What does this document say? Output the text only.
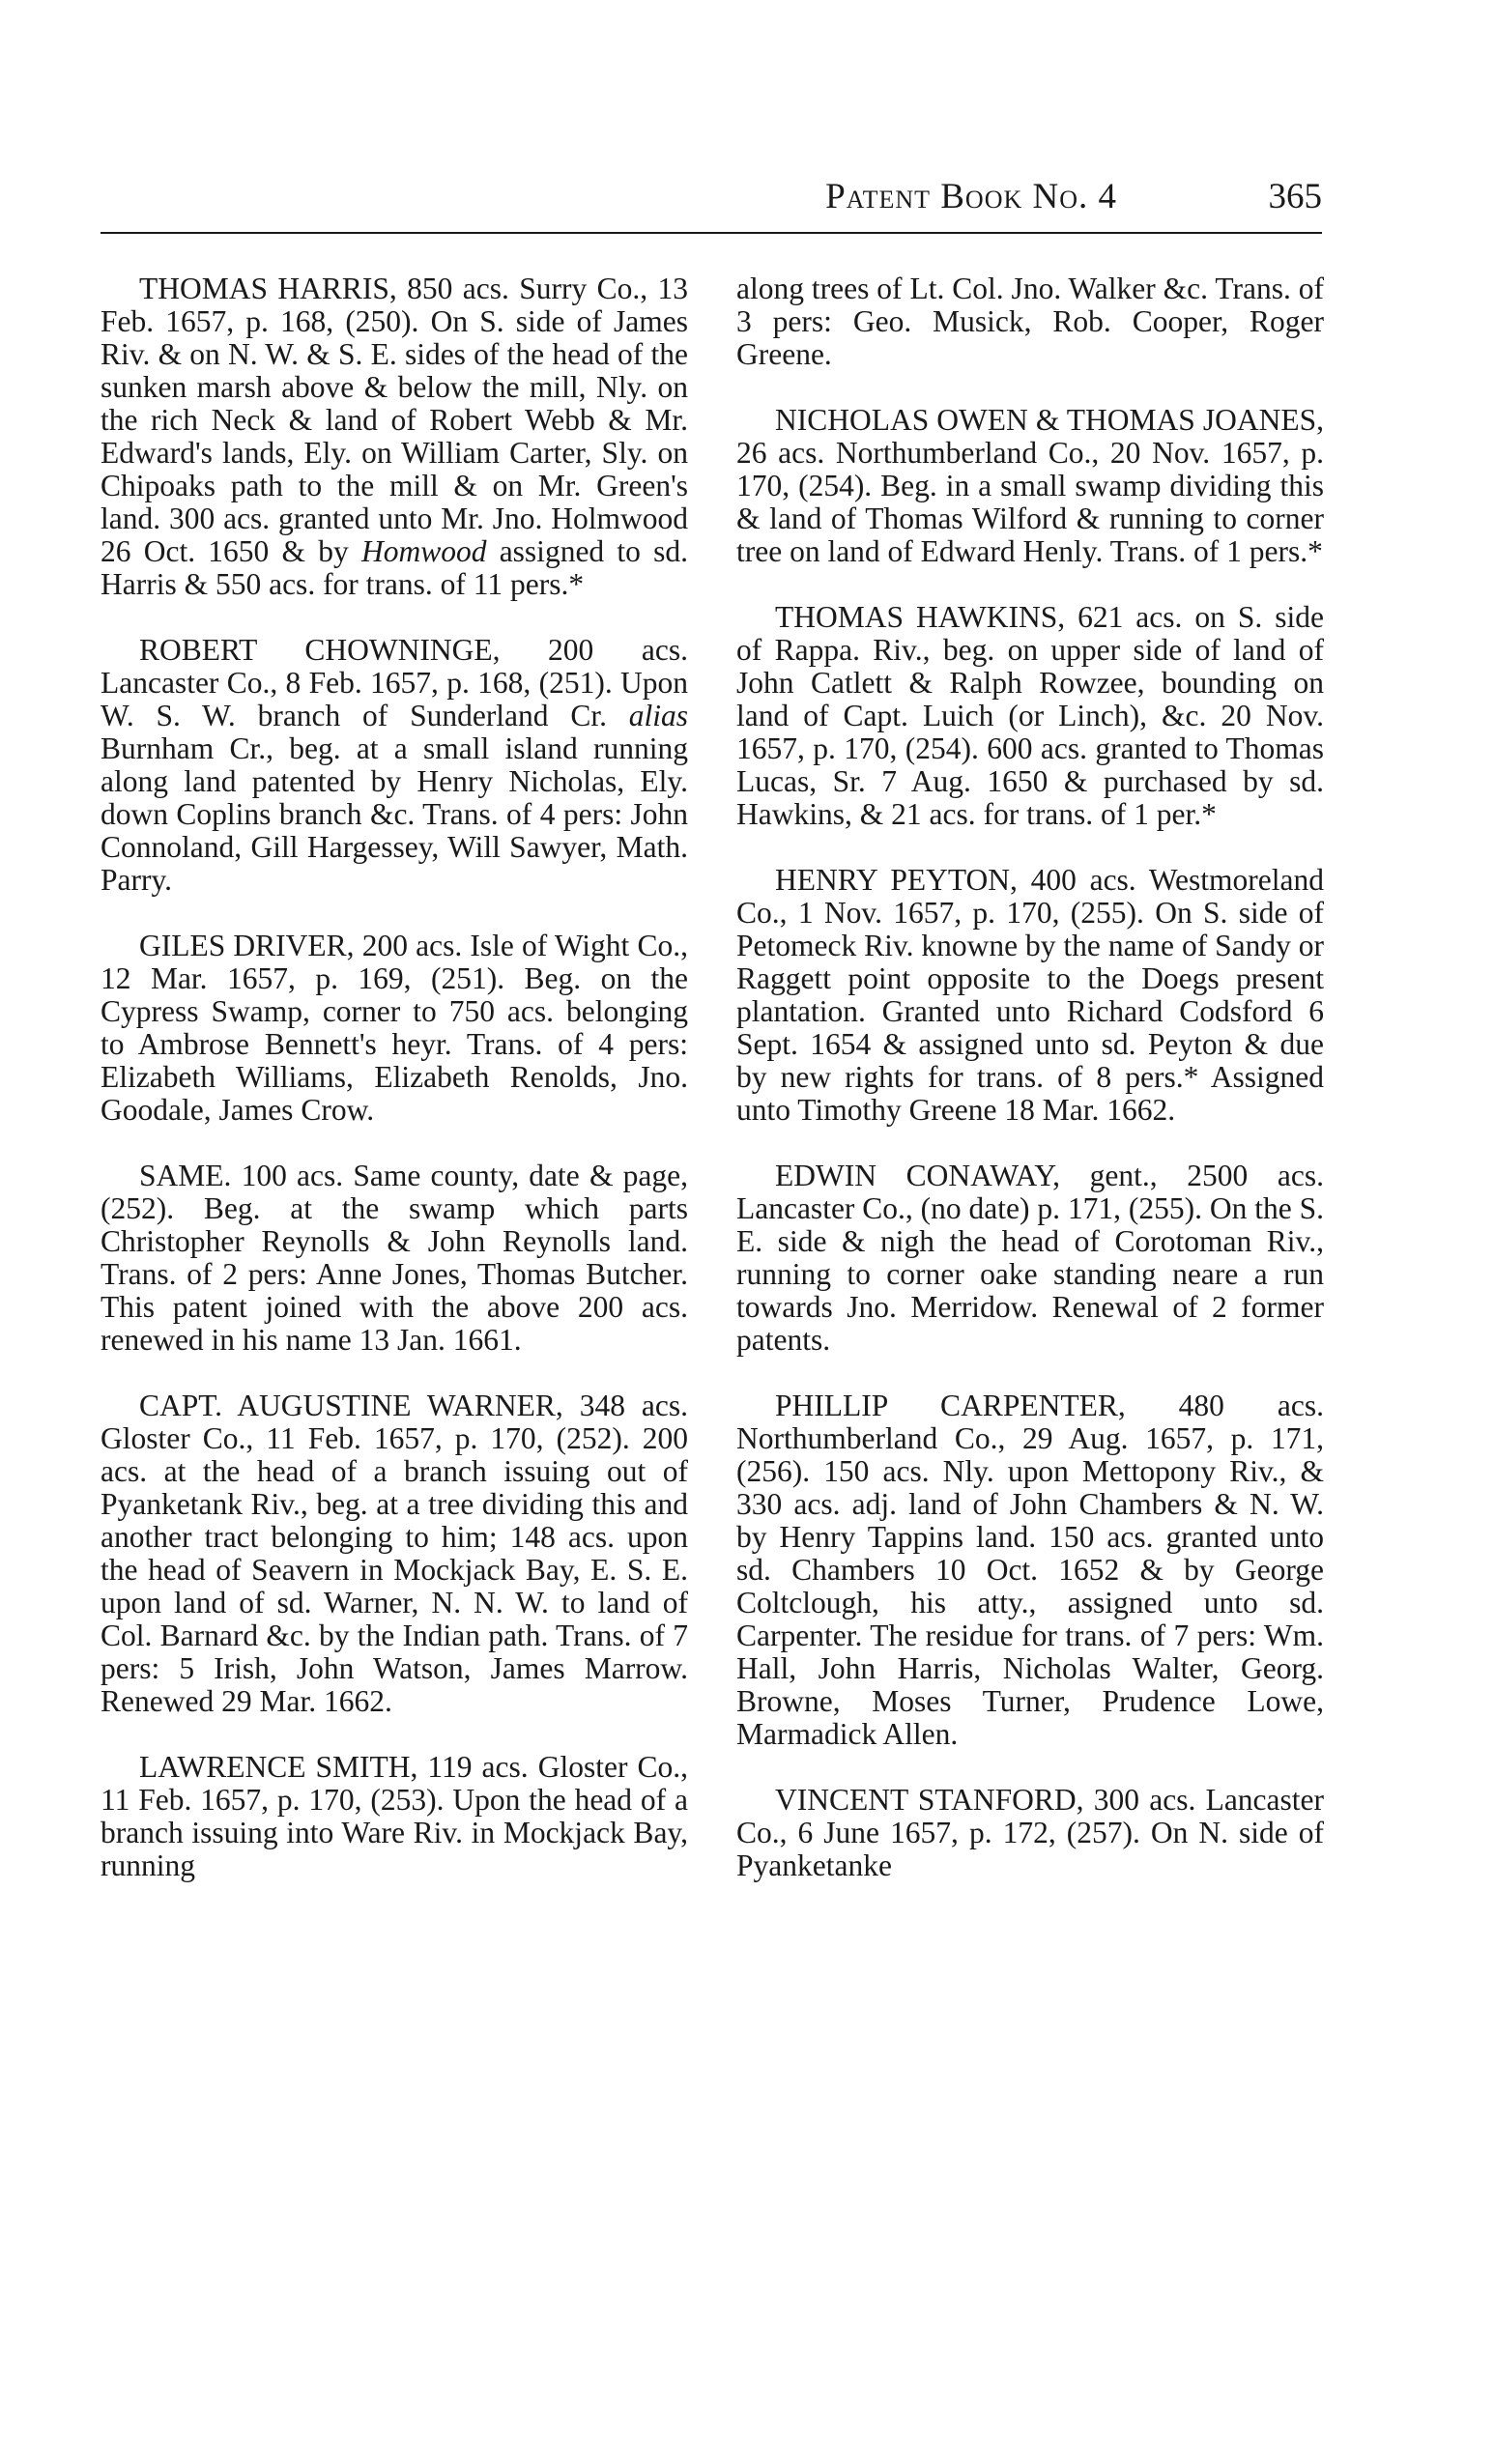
Patent Book No. 4	365

THOMAS HARRIS, 850 acs. Surry Co., 13 Feb. 1657, p. 168, (250). On S. side of James Riv. & on N. W. & S. E. sides of the head of the sunken marsh above & below the mill, Nly. on the rich Neck & land of Robert Webb & Mr. Edward's lands, Ely. on William Carter, Sly. on Chipoaks path to the mill & on Mr. Green's land. 300 acs. granted unto Mr. Jno. Holmwood 26 Oct. 1650 & by Homwood assigned to sd. Harris & 550 acs. for trans. of 11 pers.*

ROBERT CHOWNINGE, 200 acs. Lancaster Co., 8 Feb. 1657, p. 168, (251). Upon W. S. W. branch of Sunderland Cr. alias Burnham Cr., beg. at a small island running along land patented by Henry Nicholas, Ely. down Coplins branch &c. Trans. of 4 pers: John Connoland, Gill Hargessey, Will Sawyer, Math. Parry.

GILES DRIVER, 200 acs. Isle of Wight Co., 12 Mar. 1657, p. 169, (251). Beg. on the Cypress Swamp, corner to 750 acs. belonging to Ambrose Bennett's heyr. Trans. of 4 pers: Elizabeth Williams, Elizabeth Renolds, Jno. Goodale, James Crow.

SAME. 100 acs. Same county, date & page, (252). Beg. at the swamp which parts Christopher Reynolls & John Reynolls land. Trans. of 2 pers: Anne Jones, Thomas Butcher. This patent joined with the above 200 acs. renewed in his name 13 Jan. 1661.

CAPT. AUGUSTINE WARNER, 348 acs. Gloster Co., 11 Feb. 1657, p. 170, (252). 200 acs. at the head of a branch issuing out of Pyanketank Riv., beg. at a tree dividing this and another tract belonging to him; 148 acs. upon the head of Seavern in Mockjack Bay, E. S. E. upon land of sd. Warner, N. N. W. to land of Col. Barnard &c. by the Indian path. Trans. of 7 pers: 5 Irish, John Watson, James Marrow. Renewed 29 Mar. 1662.

LAWRENCE SMITH, 119 acs. Gloster Co., 11 Feb. 1657, p. 170, (253). Upon the head of a branch issuing into Ware Riv. in Mockjack Bay, running

along trees of Lt. Col. Jno. Walker &c. Trans. of 3 pers: Geo. Musick, Rob. Cooper, Roger Greene.

NICHOLAS OWEN & THOMAS JOANES, 26 acs. Northumberland Co., 20 Nov. 1657, p. 170, (254). Beg. in a small swamp dividing this & land of Thomas Wilford & running to corner tree on land of Edward Henly. Trans. of 1 pers.*

THOMAS HAWKINS, 621 acs. on S. side of Rappa. Riv., beg. on upper side of land of John Catlett & Ralph Rowzee, bounding on land of Capt. Luich (or Linch), &c. 20 Nov. 1657, p. 170, (254). 600 acs. granted to Thomas Lucas, Sr. 7 Aug. 1650 & purchased by sd. Hawkins, & 21 acs. for trans. of 1 per.*

HENRY PEYTON, 400 acs. Westmoreland Co., 1 Nov. 1657, p. 170, (255). On S. side of Petomeck Riv. knowne by the name of Sandy or Raggett point opposite to the Doegs present plantation. Granted unto Richard Codsford 6 Sept. 1654 & assigned unto sd. Peyton & due by new rights for trans. of 8 pers.* Assigned unto Timothy Greene 18 Mar. 1662.

EDWIN CONAWAY, gent., 2500 acs. Lancaster Co., (no date) p. 171, (255). On the S. E. side & nigh the head of Corotoman Riv., running to corner oake standing neare a run towards Jno. Merridow. Renewal of 2 former patents.

PHILLIP CARPENTER, 480 acs. Northumberland Co., 29 Aug. 1657, p. 171, (256). 150 acs. Nly. upon Mettopony Riv., & 330 acs. adj. land of John Chambers & N. W. by Henry Tappins land. 150 acs. granted unto sd. Chambers 10 Oct. 1652 & by George Coltclough, his atty., assigned unto sd. Carpenter. The residue for trans. of 7 pers: Wm. Hall, John Harris, Nicholas Walter, Georg. Browne, Moses Turner, Prudence Lowe, Marmadick Allen.

VINCENT STANFORD, 300 acs. Lancaster Co., 6 June 1657, p. 172, (257). On N. side of Pyanketanke
